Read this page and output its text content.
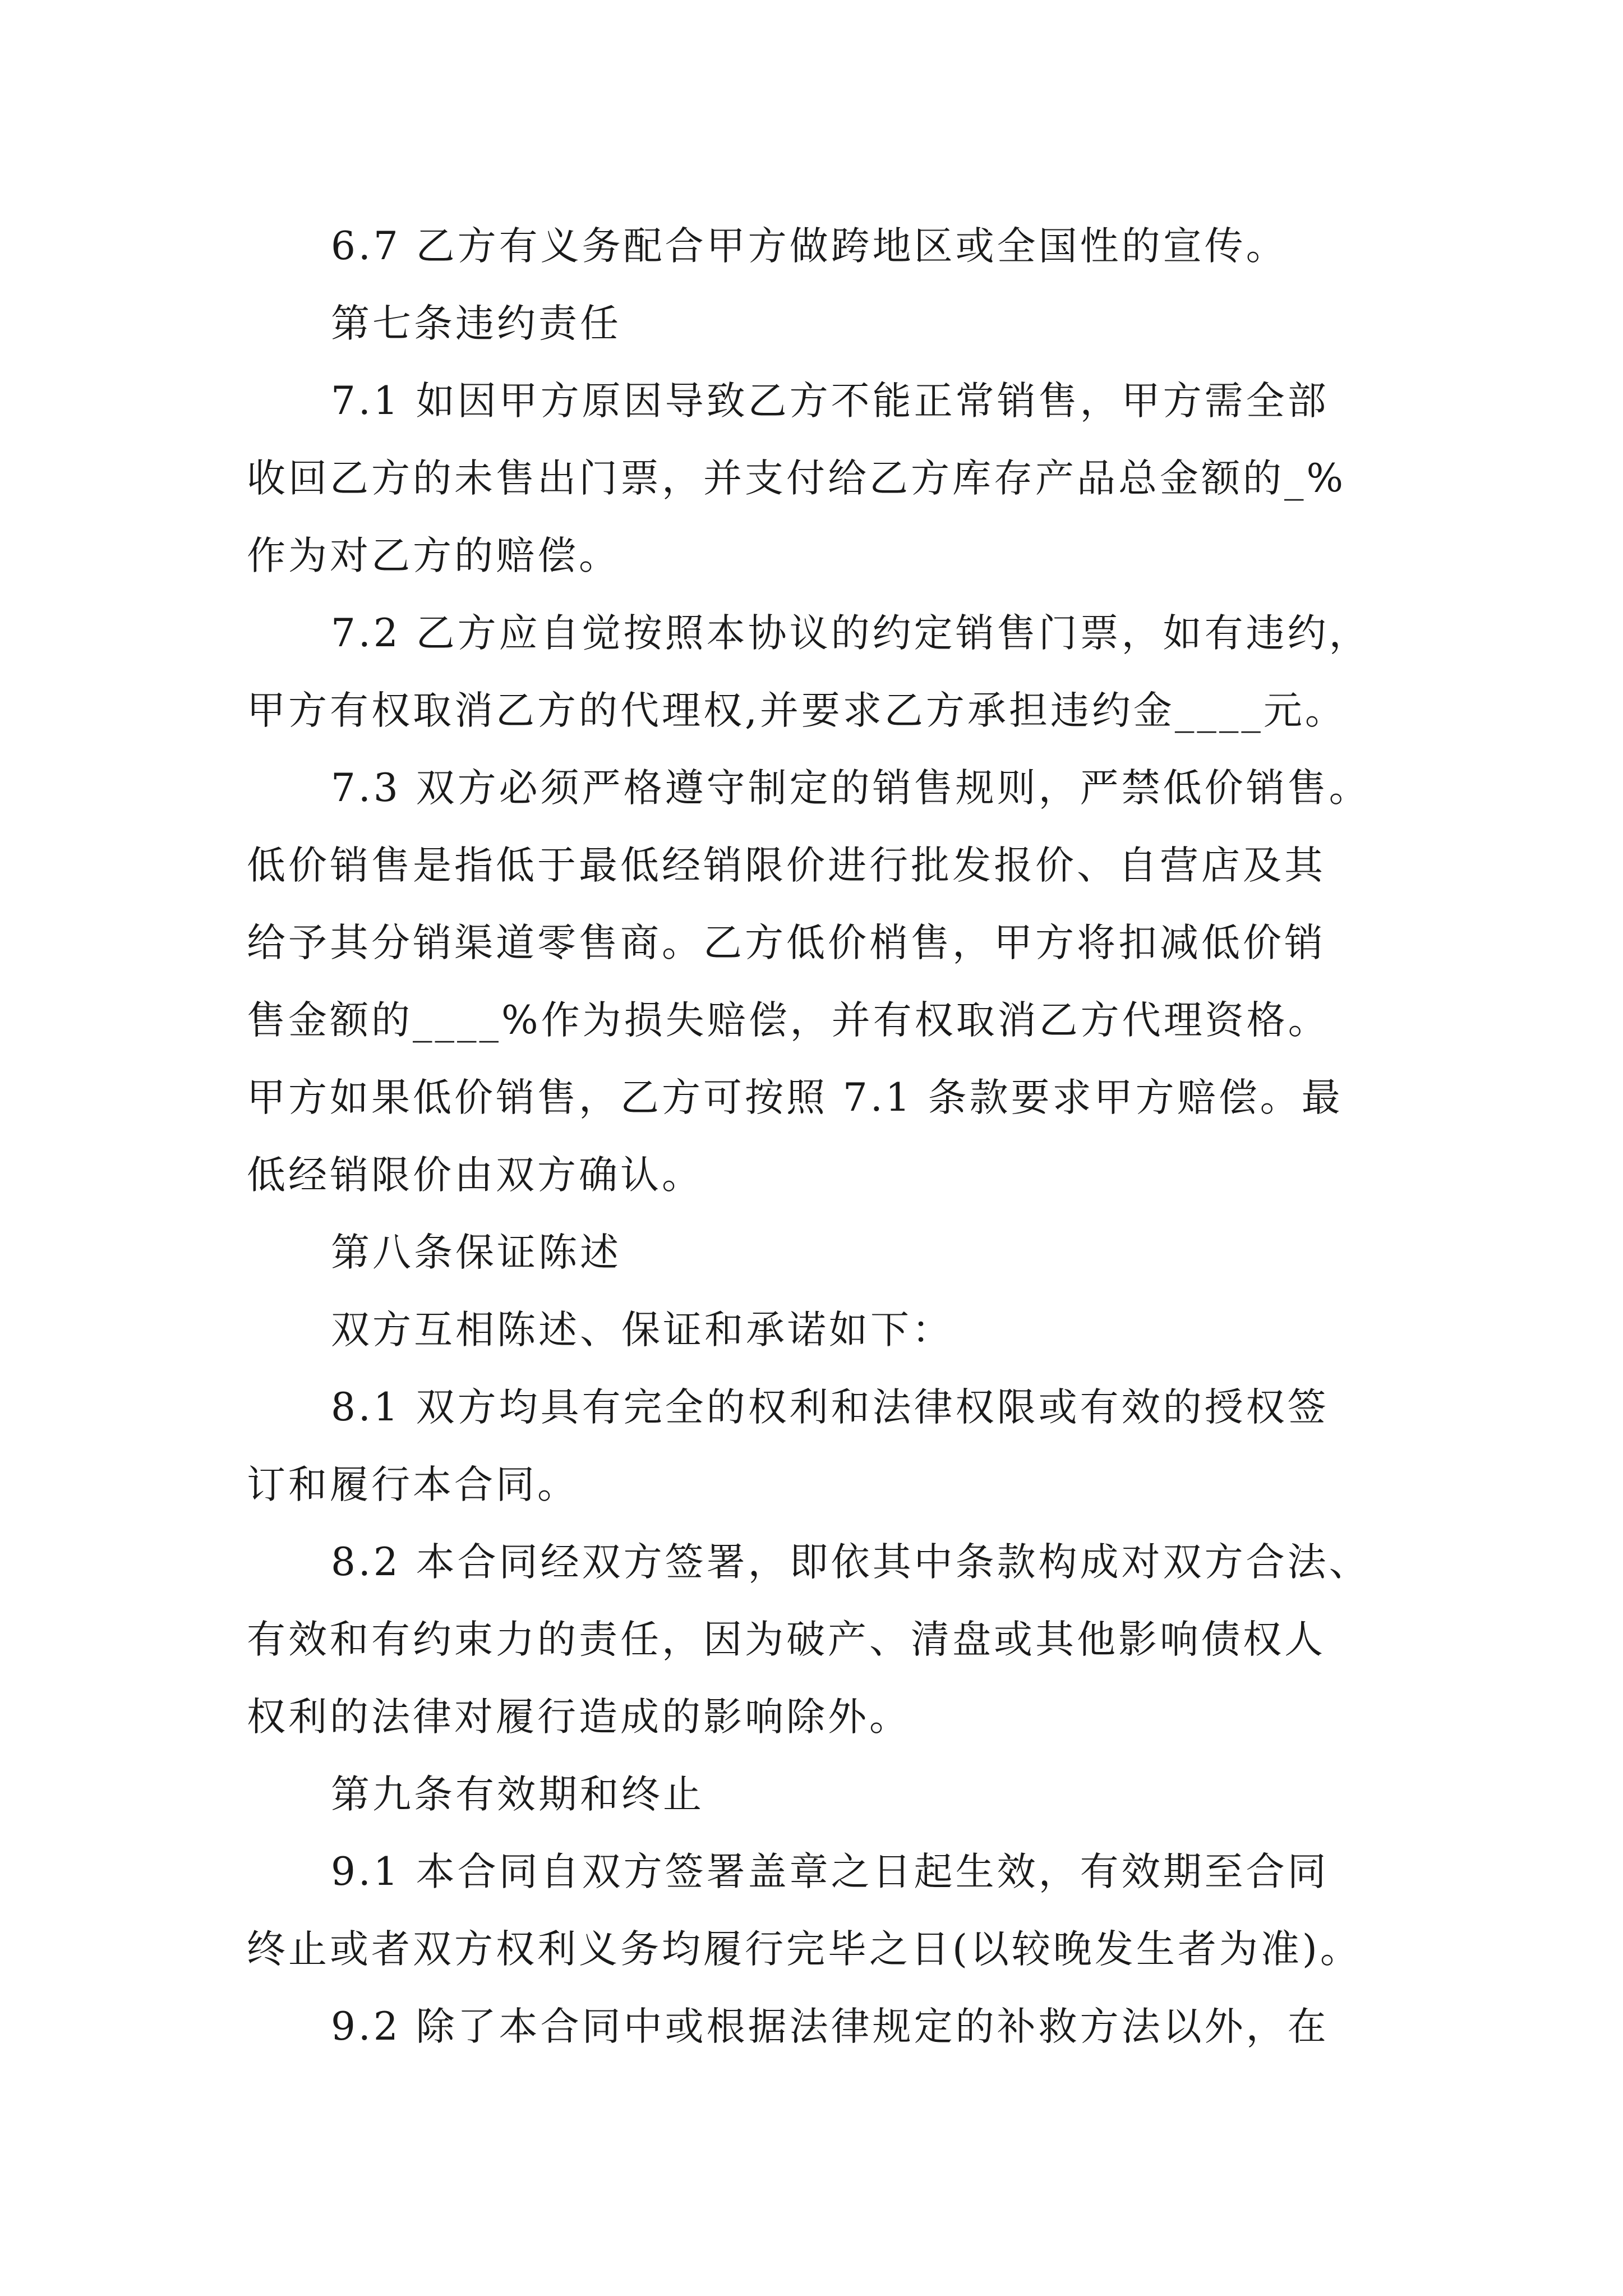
6.7 乙方有义务配合甲方做跨地区或全国性的宣传。
第七条违约责任
7.1 如因甲方原因导致乙方不能正常销售，甲方需全部
收回乙方的未售出门票，并支付给乙方库存产品总金额的_%
作为对乙方的赔偿。
7.2 乙方应自觉按照本协议的约定销售门票，如有违约，
甲方有权取消乙方的代理权,并要求乙方承担违约金____元。
7.3 双方必须严格遵守制定的销售规则，严禁低价销售。
低价销售是指低于最低经销限价进行批发报价、自营店及其
给予其分销渠道零售商。乙方低价梢售，甲方将扣减低价销
售金额的____%作为损失赔偿，并有权取消乙方代理资格。
甲方如果低价销售，乙方可按照 7.1 条款要求甲方赔偿。最
低经销限价由双方确认。
第八条保证陈述
双方互相陈述、保证和承诺如下：
8.1 双方均具有完全的权利和法律权限或有效的授权签
订和履行本合同。
8.2 本合同经双方签署，即依其中条款构成对双方合法、
有效和有约束力的责任，因为破产、清盘或其他影响债权人
权利的法律对履行造成的影响除外。
第九条有效期和终止
9.1 本合同自双方签署盖章之日起生效，有效期至合同
终止或者双方权利义务均履行完毕之日(以较晚发生者为准)。
9.2 除了本合同中或根据法律规定的补救方法以外，在
